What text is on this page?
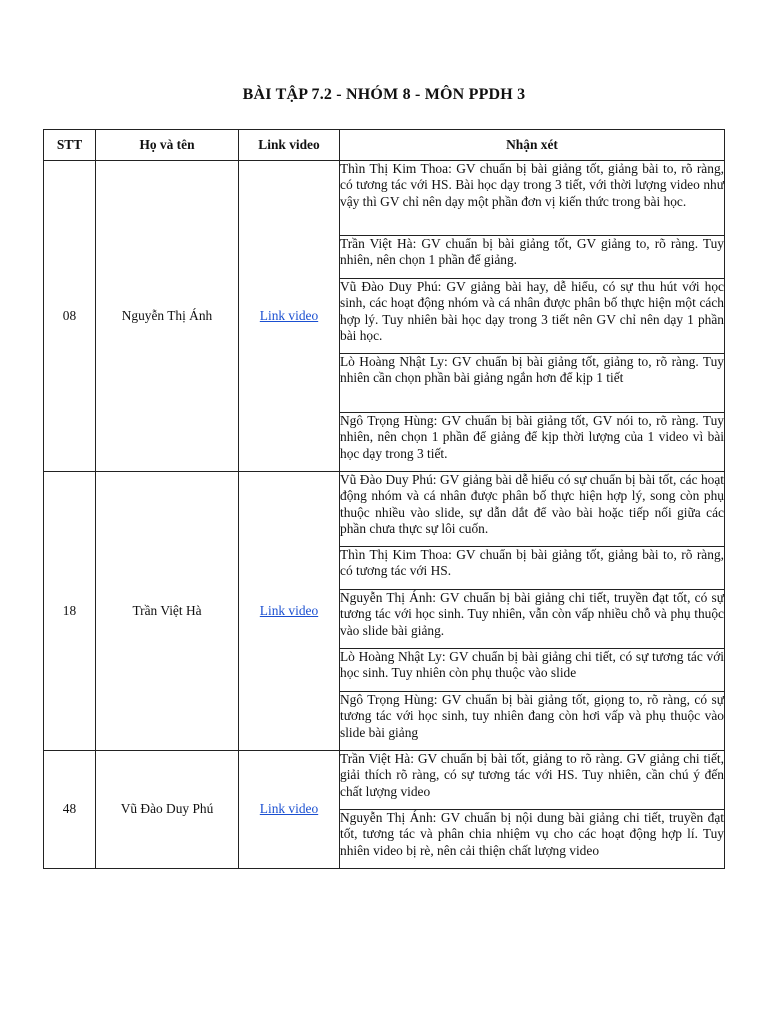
BÀI TẬP 7.2 - NHÓM 8 - MÔN PPDH 3
STT	Họ và tên	Link video	Nhận xét
08	Nguyễn Thị Ánh	Link video	Thìn Thị Kim Thoa: GV chuẩn bị bài giảng tốt, giảng bài to, rõ ràng, có tương tác với HS. Bài học dạy trong 3 tiết, với thời lượng video như vậy thì GV chỉ nên dạy một phần đơn vị kiến thức trong bài học.
			Trần Việt Hà: GV chuẩn bị bài giảng tốt, GV giảng to, rõ ràng. Tuy nhiên, nên chọn 1 phần để giảng.
			Vũ Đào Duy Phú: GV giảng bài hay, dễ hiểu, có sự thu hút với học sinh, các hoạt động nhóm và cá nhân được phân bố thực hiện một cách hợp lý. Tuy nhiên bài học dạy trong 3 tiết nên GV chỉ nên dạy 1 phần bài học.
			Lò Hoàng Nhật Ly: GV chuẩn bị bài giảng tốt, giảng to, rõ ràng. Tuy nhiên cần chọn phần bài giảng ngắn hơn để kịp 1 tiết
			Ngô Trọng Hùng: GV chuẩn bị bài giảng tốt, GV nói to, rõ ràng. Tuy nhiên, nên chọn 1 phần để giảng để kịp thời lượng của 1 video vì bài học dạy trong 3 tiết.
18	Trần Việt Hà	Link video	Vũ Đào Duy Phú: GV giảng bài dễ hiểu có sự chuẩn bị bài tốt, các hoạt động nhóm và cá nhân được phân bố thực hiện hợp lý, song còn phụ thuộc nhiều vào slide, sự dẫn dắt để vào bài hoặc tiếp nối giữa các phần chưa thực sự lôi cuốn.
			Thìn Thị Kim Thoa: GV chuẩn bị bài giảng tốt, giảng bài to, rõ ràng, có tương tác với HS.
			Nguyễn Thị Ánh: GV chuẩn bị bài giảng chi tiết, truyền đạt tốt, có sự tương tác với học sinh. Tuy nhiên, vẫn còn vấp nhiều chỗ và phụ thuộc vào slide bài giảng.
			Lò Hoàng Nhật Ly: GV chuẩn bị bài giảng chi tiết, có sự tương tác với học sinh. Tuy nhiên còn phụ thuộc vào slide
			Ngô Trọng Hùng: GV chuẩn bị bài giảng tốt, giọng to, rõ ràng, có sự tương tác với học sinh, tuy nhiên đang còn hơi vấp và phụ thuộc vào slide bài giảng
48	Vũ Đào Duy Phú	Link video	Trần Việt Hà: GV chuẩn bị bài tốt, giảng to rõ ràng. GV giảng chi tiết, giải thích rõ ràng, có sự tương tác với HS. Tuy nhiên, cần chú ý đến chất lượng video

			Nguyễn Thị Ánh: GV chuẩn bị nội dung bài giảng chi tiết, truyền đạt tốt, tương tác và phân chia nhiệm vụ cho các hoạt động hợp lí. Tuy nhiên video bị rè, nên cải thiện chất lượng video
